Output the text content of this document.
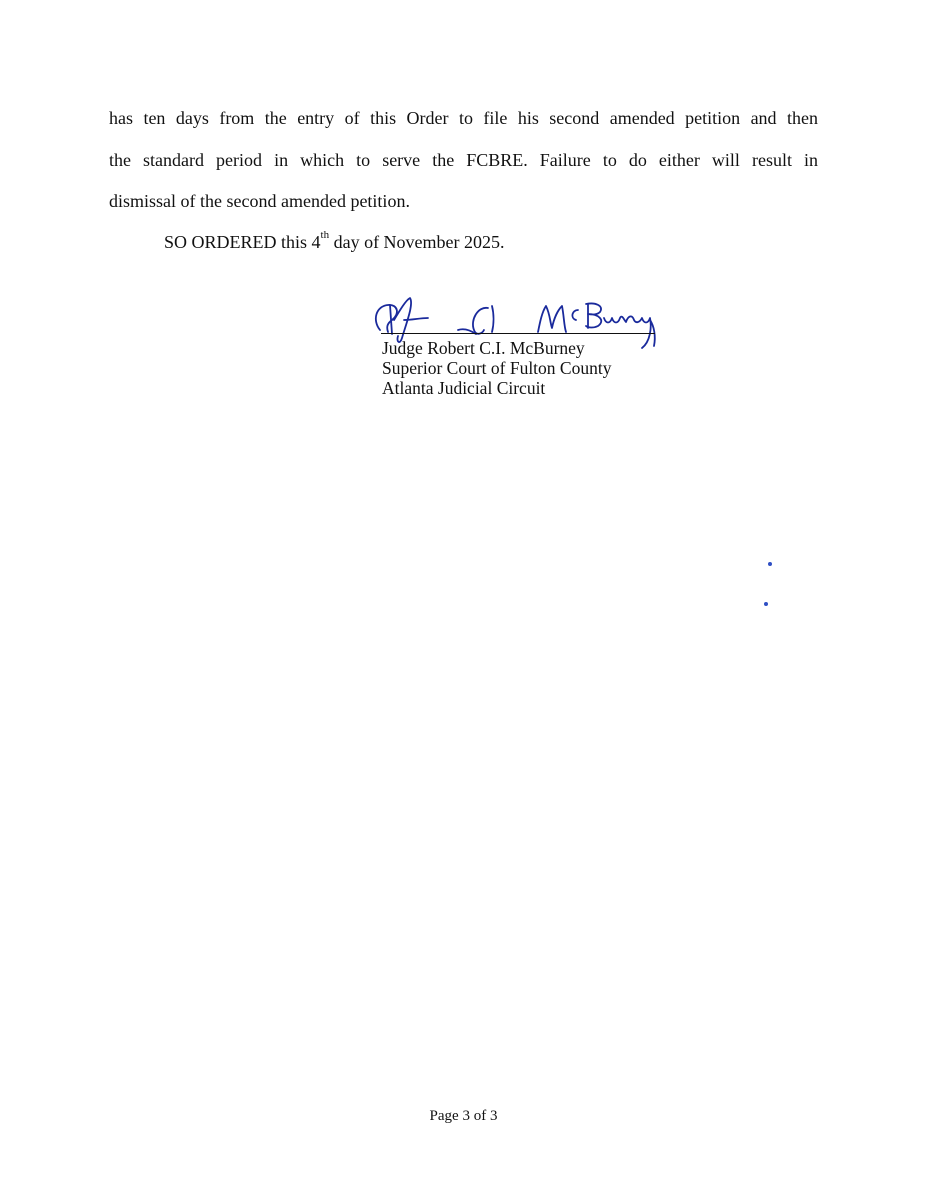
has ten days from the entry of this Order to file his second amended petition and then
the standard period in which to serve the FCBRE. Failure to do either will result in
dismissal of the second amended petition.
SO ORDERED this 4th day of November 2025.
Judge Robert C.I. McBurney
Superior Court of Fulton County
Atlanta Judicial Circuit
Page 3 of 3
